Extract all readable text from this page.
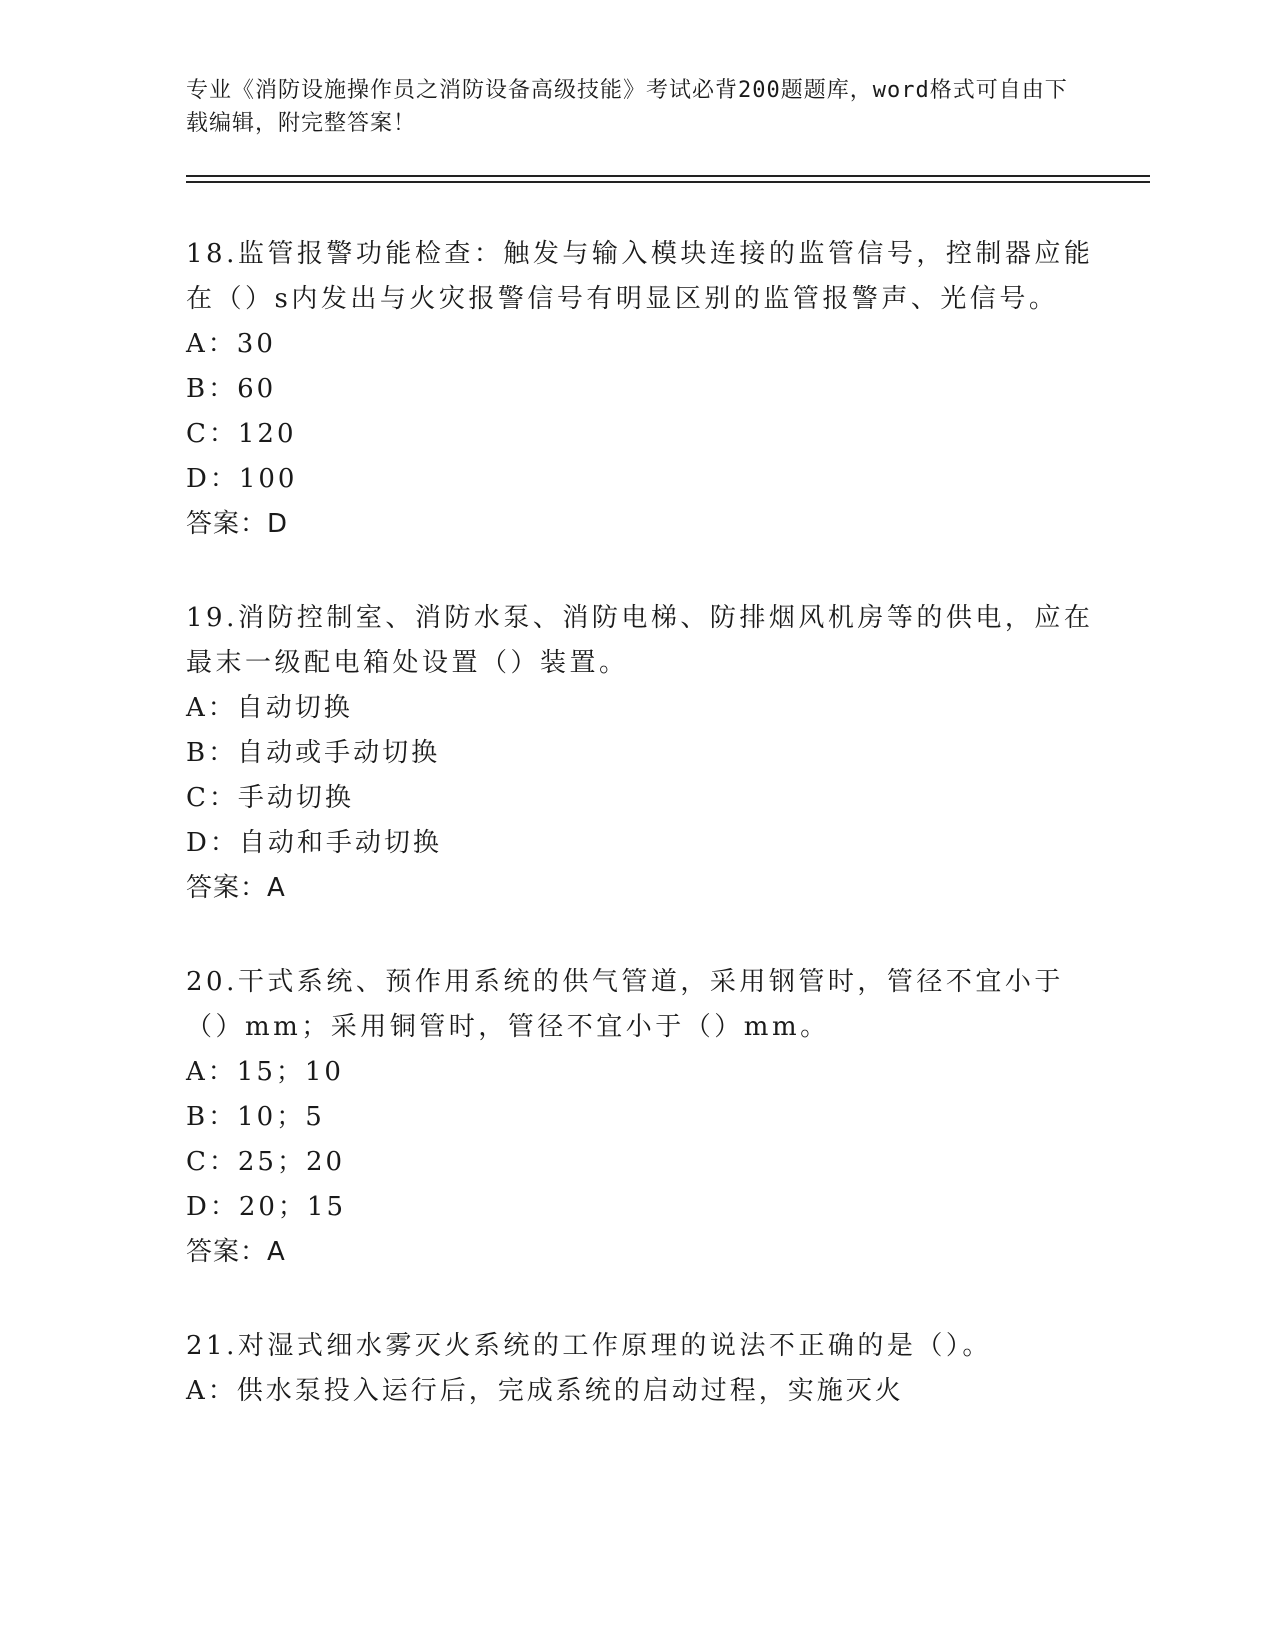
专业《消防设施操作员之消防设备高级技能》考试必背200题题库，word格式可自由下载编辑，附完整答案！

18.监管报警功能检查：触发与输入模块连接的监管信号，控制器应能在（）s内发出与火灾报警信号有明显区别的监管报警声、光信号。

A：30

B：60

C：120

D：100

答案：D

19.消防控制室、消防水泵、消防电梯、防排烟风机房等的供电，应在最末一级配电箱处设置（）装置。

A：自动切换

B：自动或手动切换

C：手动切换

D：自动和手动切换

答案：A

20.干式系统、预作用系统的供气管道，采用钢管时，管径不宜小于（）mm；采用铜管时，管径不宜小于（）mm。

A：15；10

B：10；5

C：25；20

D：20；15

答案：A

21.对湿式细水雾灭火系统的工作原理的说法不正确的是（）。

A：供水泵投入运行后，完成系统的启动过程，实施灭火
